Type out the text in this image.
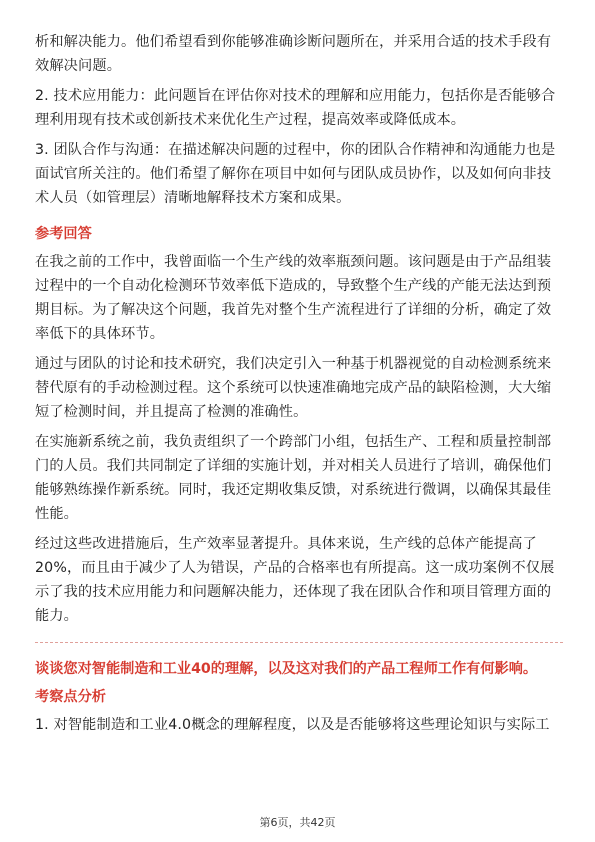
析和解决能力。他们希望看到你能够准确诊断问题所在，并采用合适的技术手段有效解决问题。

2. 技术应用能力：此问题旨在评估你对技术的理解和应用能力，包括你是否能够合理利用现有技术或创新技术来优化生产过程，提高效率或降低成本。

3. 团队合作与沟通：在描述解决问题的过程中，你的团队合作精神和沟通能力也是面试官所关注的。他们希望了解你在项目中如何与团队成员协作，以及如何向非技术人员（如管理层）清晰地解释技术方案和成果。

参考回答

在我之前的工作中，我曾面临一个生产线的效率瓶颈问题。该问题是由于产品组装过程中的一个自动化检测环节效率低下造成的，导致整个生产线的产能无法达到预期目标。为了解决这个问题，我首先对整个生产流程进行了详细的分析，确定了效率低下的具体环节。

通过与团队的讨论和技术研究，我们决定引入一种基于机器视觉的自动检测系统来替代原有的手动检测过程。这个系统可以快速准确地完成产品的缺陷检测，大大缩短了检测时间，并且提高了检测的准确性。

在实施新系统之前，我负责组织了一个跨部门小组，包括生产、工程和质量控制部门的人员。我们共同制定了详细的实施计划，并对相关人员进行了培训，确保他们能够熟练操作新系统。同时，我还定期收集反馈，对系统进行微调，以确保其最佳性能。

经过这些改进措施后，生产效率显著提升。具体来说，生产线的总体产能提高了20%，而且由于减少了人为错误，产品的合格率也有所提高。这一成功案例不仅展示了我的技术应用能力和问题解决能力，还体现了我在团队合作和项目管理方面的能力。

谈谈您对智能制造和工业40的理解，以及这对我们的产品工程师工作有何影响。
考察点分析

1. 对智能制造和工业4.0概念的理解程度，以及是否能够将这些理论知识与实际工

第6页，共42页
